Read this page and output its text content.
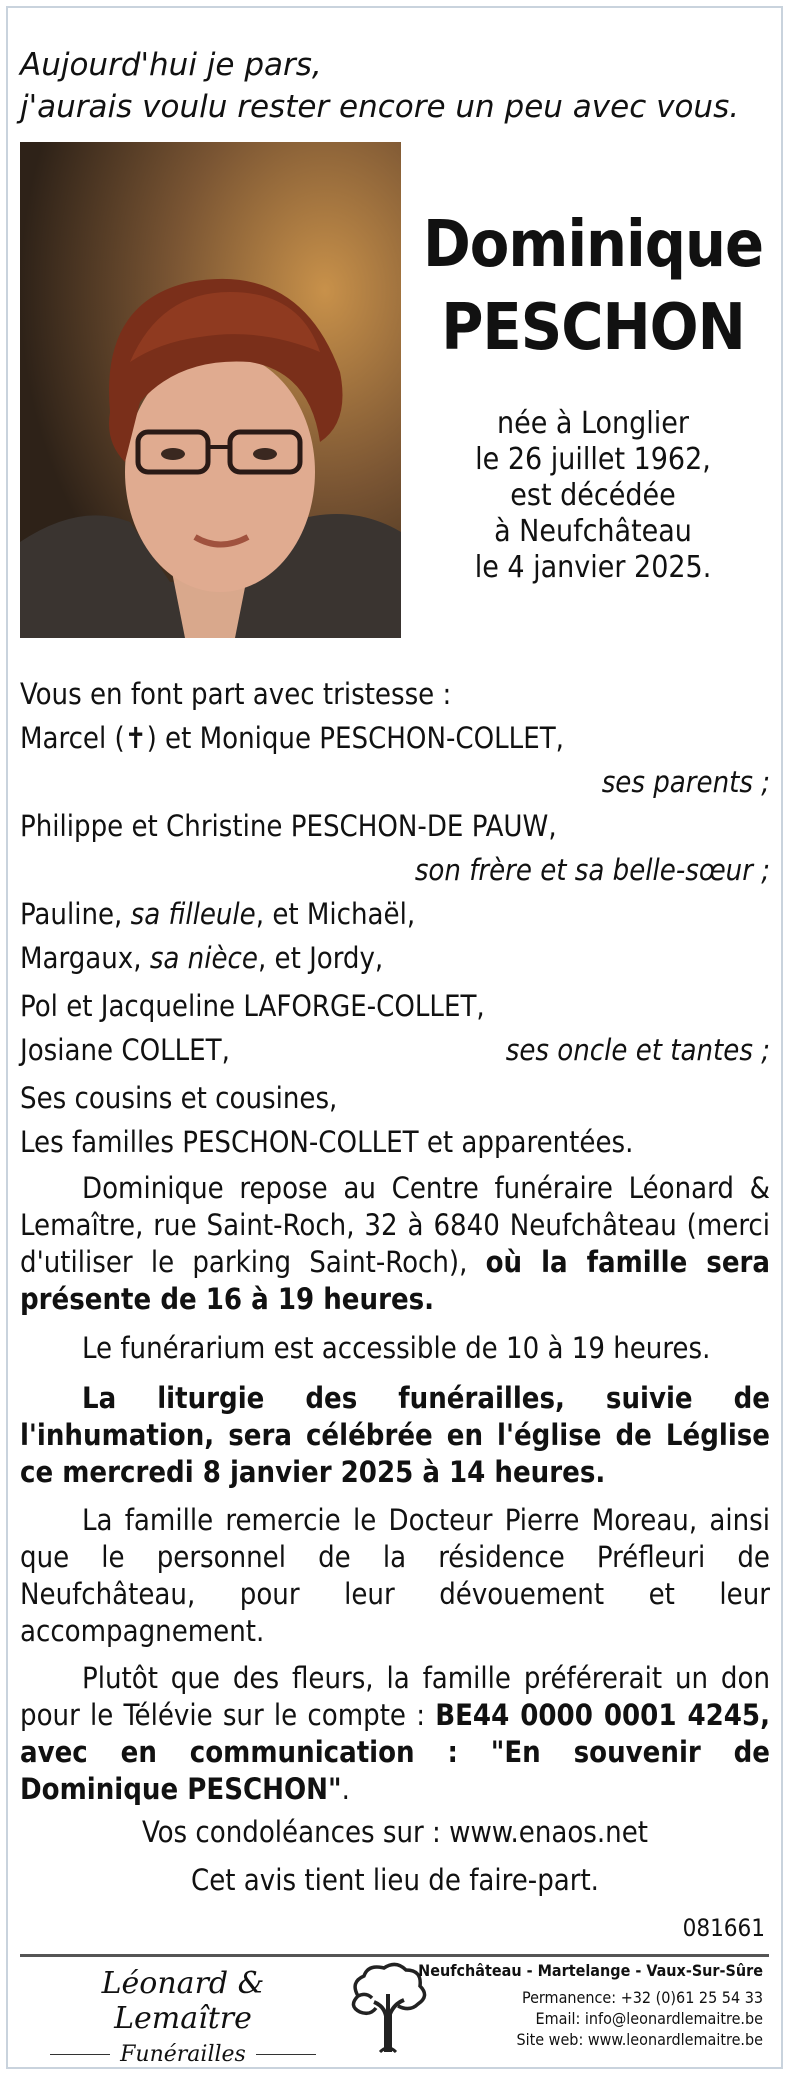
Aujourd'hui je pars,
j'aurais voulu rester encore un peu avec vous.
Dominique
PESCHON
née à Longlier
le 26 juillet 1962,
est décédée
à Neufchâteau
le 4 janvier 2025.
Vous en font part avec tristesse :
Marcel (✝) et Monique PESCHON-COLLET,
ses parents ;
Philippe et Christine PESCHON-DE PAUW,
son frère et sa belle-sœur ;
Pauline, sa filleule, et Michaël,
Margaux, sa nièce, et Jordy,
Pol et Jacqueline LAFORGE-COLLET,
Josiane COLLET,	ses oncle et tantes ;
Ses cousins et cousines,
Les familles PESCHON-COLLET et apparentées.
Dominique repose au Centre funéraire Léonard & Lemaître, rue Saint-Roch, 32 à 6840 Neufchâteau (merci d'utiliser le parking Saint-Roch), où la famille sera présente de 16 à 19 heures.
Le funérarium est accessible de 10 à 19 heures.
La liturgie des funérailles, suivie de l'inhumation, sera célébrée en l'église de Léglise ce mercredi 8 janvier 2025 à 14 heures.
La famille remercie le Docteur Pierre Moreau, ainsi que le personnel de la résidence Préfleuri de Neufchâteau, pour leur dévouement et leur accompagnement.
Plutôt que des fleurs, la famille préférerait un don pour le Télévie sur le compte : BE44 0000 0001 4245, avec en communication : "En souvenir de Dominique PESCHON".
Vos condoléances sur : www.enaos.net
Cet avis tient lieu de faire-part.
081661
Léonard & Lemaître
Funérailles
Neufchâteau - Martelange - Vaux-Sur-Sûre
Permanence: +32 (0)61 25 54 33
Email: info@leonardlemaitre.be
Site web: www.leonardlemaitre.be
